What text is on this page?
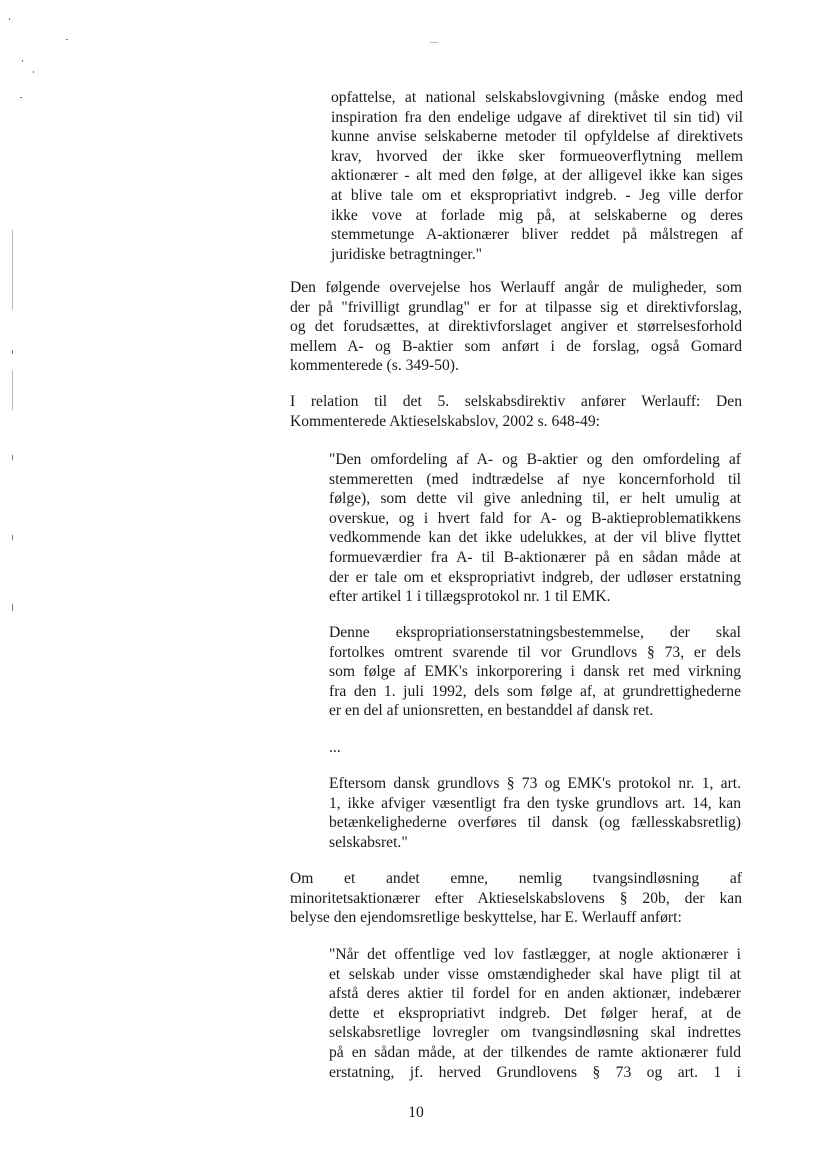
opfattelse, at national selskabslovgivning (måske endog med
inspiration fra den endelige udgave af direktivet til sin tid) vil
kunne anvise selskaberne metoder til opfyldelse af direktivets
krav, hvorved der ikke sker formueoverflytning mellem
aktionærer - alt med den følge, at der alligevel ikke kan siges
at blive tale om et ekspropriativt indgreb. - Jeg ville derfor
ikke vove at forlade mig på, at selskaberne og deres
stemmetunge A-aktionærer bliver reddet på målstregen af
juridiske betragtninger."
Den følgende overvejelse hos Werlauff angår de muligheder, som
der på "frivilligt grundlag" er for at tilpasse sig et direktivforslag,
og det forudsættes, at direktivforslaget angiver et størrelsesforhold
mellem A- og B-aktier som anført i de forslag, også Gomard
kommenterede (s. 349-50).
I relation til det 5. selskabsdirektiv anfører Werlauff: Den
Kommenterede Aktieselskabslov, 2002 s. 648-49:
"Den omfordeling af A- og B-aktier og den omfordeling af
stemmeretten (med indtrædelse af nye koncernforhold til
følge), som dette vil give anledning til, er helt umulig at
overskue, og i hvert fald for A- og B-aktieproblematikkens
vedkommende kan det ikke udelukkes, at der vil blive flyttet
formueværdier fra A- til B-aktionærer på en sådan måde at
der er tale om et ekspropriativt indgreb, der udløser erstatning
efter artikel 1 i tillægsprotokol nr. 1 til EMK.
Denne ekspropriationserstatningsbestemmelse, der skal
fortolkes omtrent svarende til vor Grundlovs § 73, er dels
som følge af EMK's inkorporering i dansk ret med virkning
fra den 1. juli 1992, dels som følge af, at grundrettighederne
er en del af unionsretten, en bestanddel af dansk ret.
...
Eftersom dansk grundlovs § 73 og EMK's protokol nr. 1, art.
1, ikke afviger væsentligt fra den tyske grundlovs art. 14, kan
betænkelighederne overføres til dansk (og fællesskabsretlig)
selskabsret."
Om et andet emne, nemlig tvangsindløsning af
minoritetsaktionærer efter Aktieselskabslovens § 20b, der kan
belyse den ejendomsretlige beskyttelse, har E. Werlauff anført:
"Når det offentlige ved lov fastlægger, at nogle aktionærer i
et selskab under visse omstændigheder skal have pligt til at
afstå deres aktier til fordel for en anden aktionær, indebærer
dette et ekspropriativt indgreb. Det følger heraf, at de
selskabsretlige lovregler om tvangsindløsning skal indrettes
på en sådan måde, at der tilkendes de ramte aktionærer fuld
erstatning, jf. herved Grundlovens § 73 og art. 1 i
10
